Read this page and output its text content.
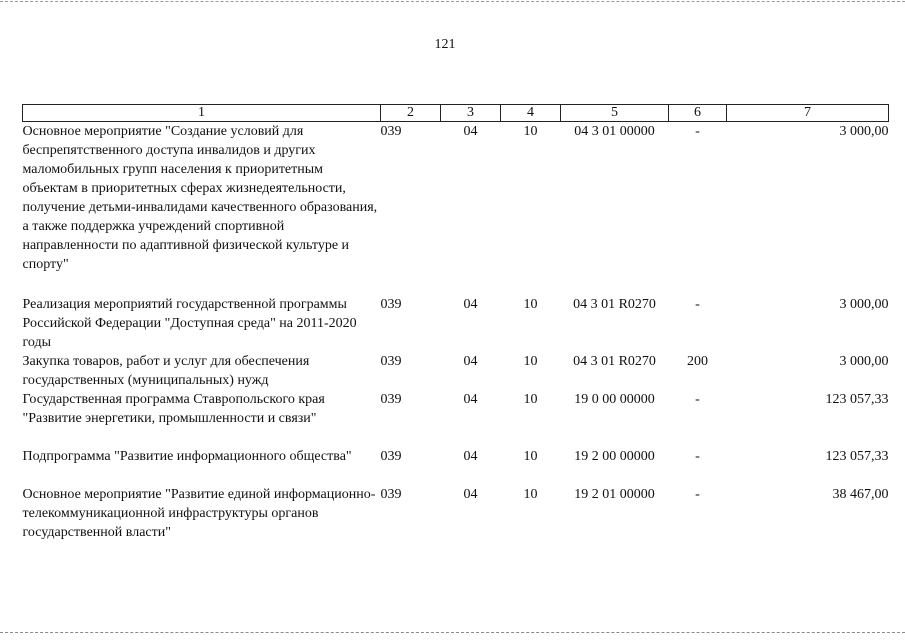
121
1	2	3	4	5	6	7
Основное мероприятие "Создание условий для беспрепятственного доступа инвалидов и других маломобильных групп населения к приоритетным объектам в приоритетных сферах жизнедеятельности, получение детьми-инвалидами качественного образования, а также поддержка учреждений спортивной направленности по адаптивной физической культуре и спорту"	039	04	10	04 3 01 00000	-	3 000,00
Реализация мероприятий государственной программы Российской Федерации "Доступная среда" на 2011-2020 годы	039	04	10	04 3 01 R0270	-	3 000,00
Закупка товаров, работ и услуг для обеспечения государственных (муниципальных) нужд	039	04	10	04 3 01 R0270	200	3 000,00
Государственная программа Ставропольского края "Развитие энергетики, промышленности и связи"	039	04	10	19 0 00 00000	-	123 057,33
Подпрограмма "Развитие информационного общества"	039	04	10	19 2 00 00000	-	123 057,33
Основное мероприятие "Развитие единой информационно-телекоммуникационной инфраструктуры органов государственной власти"	039	04	10	19 2 01 00000	-	38 467,00
